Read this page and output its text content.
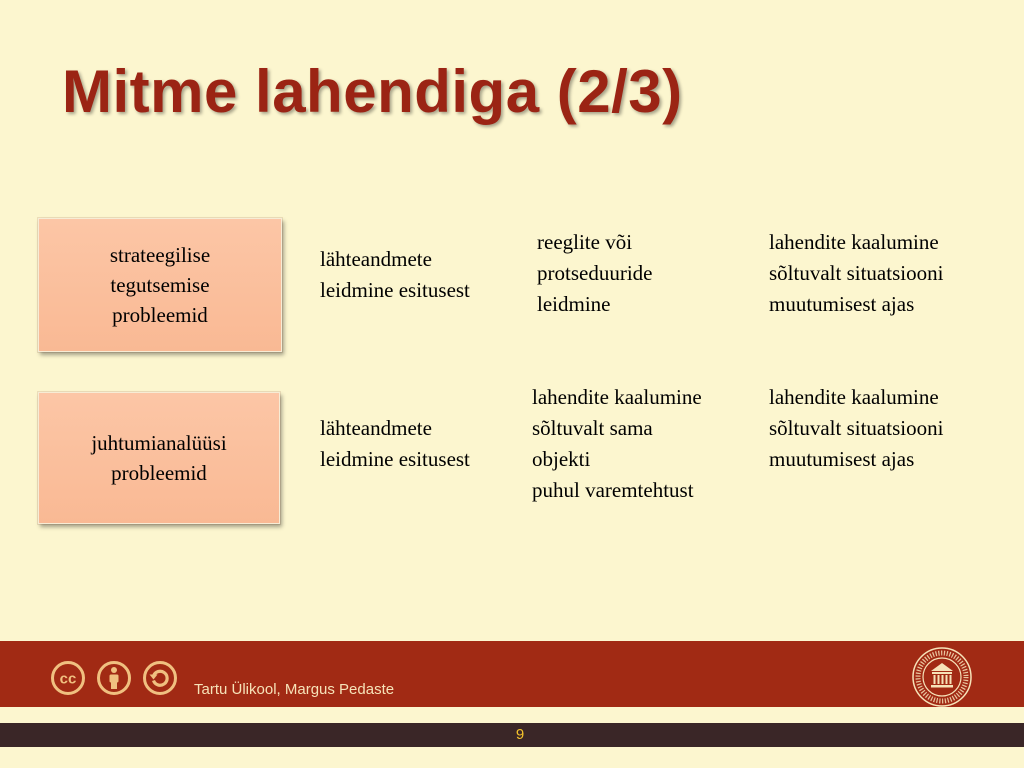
Mitme lahendiga (2/3)
strateegilise
tegutsemise
probleemid
lähteandmete
leidmine esitusest
reeglite või
protseduuride
leidmine
lahendite kaalumine
sõltuvalt situatsiooni
muutumisest ajas
juhtumianalüüsi
probleemid
lähteandmete
leidmine esitusest
lahendite kaalumine
sõltuvalt sama
objekti
puhul varemtehtust
lahendite kaalumine
sõltuvalt situatsiooni
muutumisest ajas
cc
Tartu Ülikool, Margus Pedaste
9
